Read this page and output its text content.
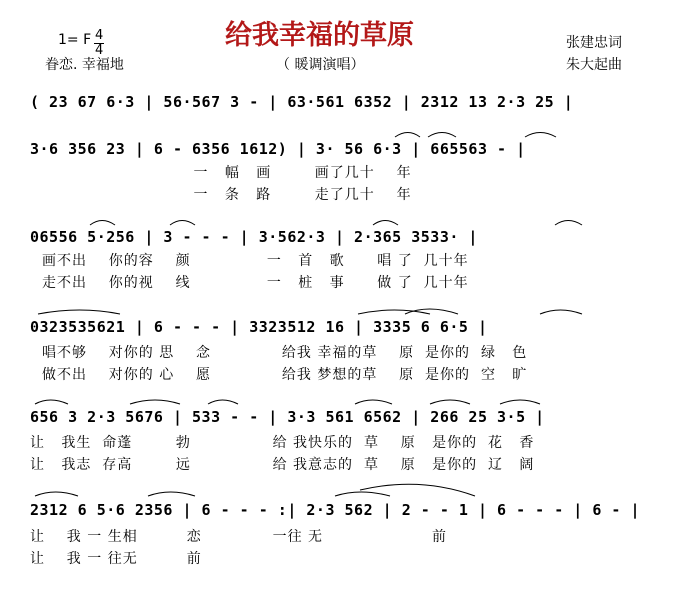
1= F $\frac{4}{4}$	给我幸福的草原
眷恋. 幸福地	（ 暖调演唱）
张建忠词
朱大起曲
( 23 67 6·3 | 56·567 3 - | 63·561 6352 | 2312 13 2·3 25 |
3·6 356 23 | 6 - 6356 1612) | 3· 56 6·3 | 665563 - |
一   幅   画        画了几十    年
一   条   路        走了几十    年
06556 5·256 | 3 - - - | 3·562·3 | 2·365 3533· |
画不出    你的容    颜              一   首   歌      唱 了  几十年
走不出    你的视    线              一   桩   事      做 了  几十年
0323535621 | 6 - - - | 3323512 16 | 3335 6 6·5 |
唱不够    对你的 思    念             给我 幸福的草    原  是你的  绿   色
做不出    对你的 心    愿             给我 梦想的草    原  是你的  空   旷
656 3 2·3 5676 | 533 - - | 3·3 561 6562 | 266 25 3·5 |
让   我生  命蓬        勃               给 我快乐的  草    原   是你的  花   香
让   我志  存高        远               给 我意志的  草    原   是你的  辽   阔
2312 6 5·6 2356 | 6 - - - :| 2·3 562 | 2 - - 1 | 6 - - - | 6 - |
让    我 一 生相         恋             一往 无                    前
让    我 一 往无         前
